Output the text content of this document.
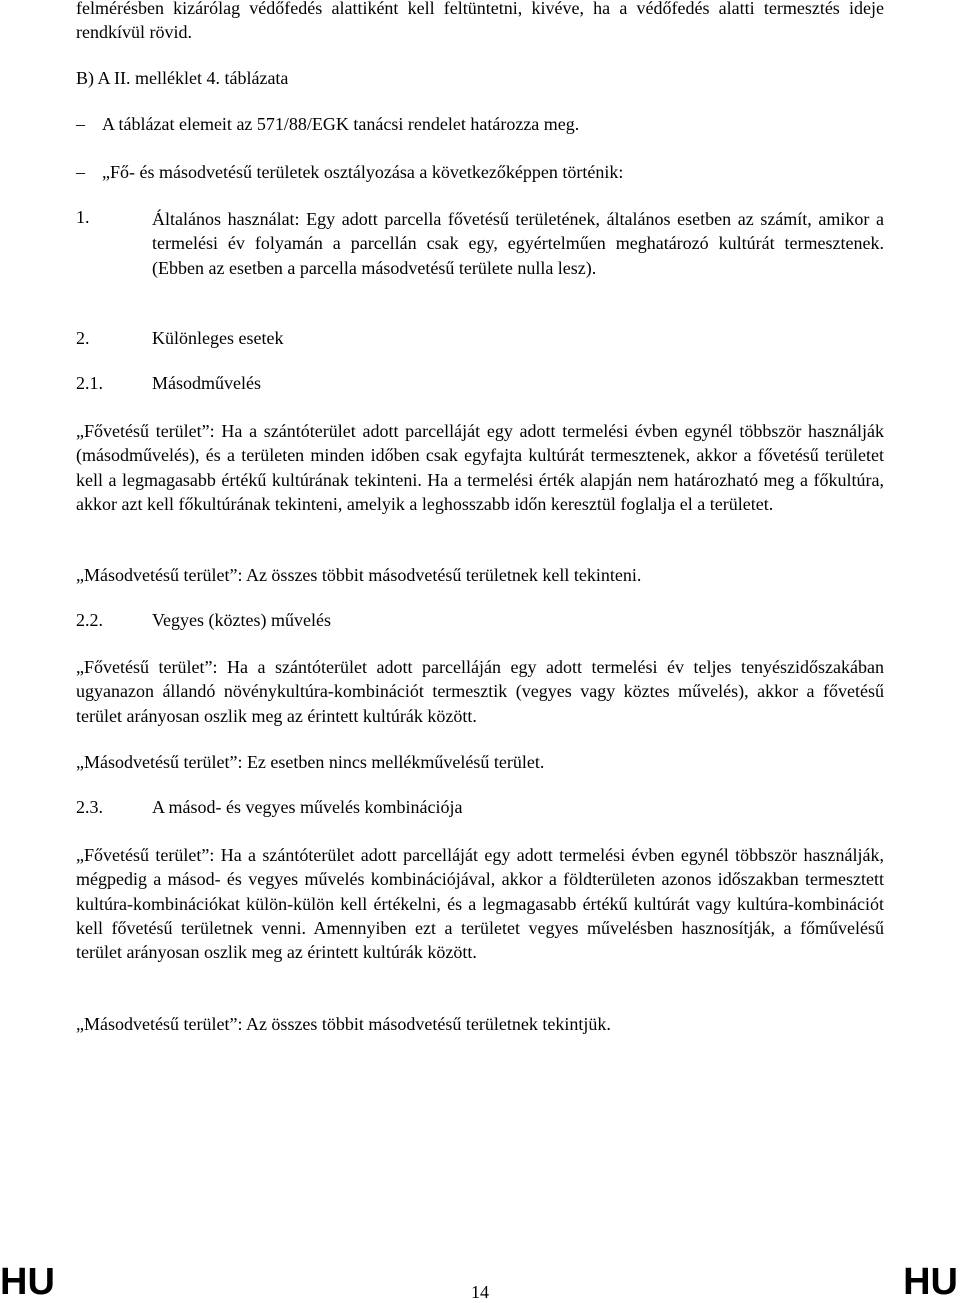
felmérésben kizárólag védőfedés alattiként kell feltüntetni, kivéve, ha a védőfedés alatti termesztés ideje rendkívül rövid.

B) A II. melléklet 4. táblázata

– A táblázat elemeit az 571/88/EGK tanácsi rendelet határozza meg.
– „Fő- és másodvetésű területek osztályozása a következőképpen történik:
1.	Általános használat: Egy adott parcella fővetésű területének, általános esetben az számít, amikor a termelési év folyamán a parcellán csak egy, egyértelműen meghatározó kultúrát termesztenek. (Ebben az esetben a parcella másodvetésű területe nulla lesz).

2.	Különleges esetek
2.1.	Másodművelés

„Fővetésű terület”: Ha a szántóterület adott parcelláját egy adott termelési évben egynél többször használják (másodművelés), és a területen minden időben csak egyfajta kultúrát termesztenek, akkor a fővetésű területet kell a legmagasabb értékű kultúrának tekinteni. Ha a termelési érték alapján nem határozható meg a főkultúra, akkor azt kell főkultúrának tekinteni, amelyik a leghosszabb időn keresztül foglalja el a területet.

„Másodvetésű terület”: Az összes többit másodvetésű területnek kell tekinteni.

2.2.	Vegyes (köztes) művelés

„Fővetésű terület”: Ha a szántóterület adott parcelláján egy adott termelési év teljes tenyészidőszakában ugyanazon állandó növénykultúra-kombinációt termesztik (vegyes vagy köztes művelés), akkor a fővetésű terület arányosan oszlik meg az érintett kultúrák között.

„Másodvetésű terület”: Ez esetben nincs mellékművelésű terület.

2.3.	A másod- és vegyes művelés kombinációja

„Fővetésű terület”: Ha a szántóterület adott parcelláját egy adott termelési évben egynél többször használják, mégpedig a másod- és vegyes művelés kombinációjával, akkor a földterületen azonos időszakban termesztett kultúra-kombinációkat külön-külön kell értékelni, és a legmagasabb értékű kultúrát vagy kultúra-kombinációt kell fővetésű területnek venni. Amennyiben ezt a területet vegyes művelésben hasznosítják, a főművelésű terület arányosan oszlik meg az érintett kultúrák között.

„Másodvetésű terület”: Az összes többit másodvetésű területnek tekintjük.

HU	14	HU
